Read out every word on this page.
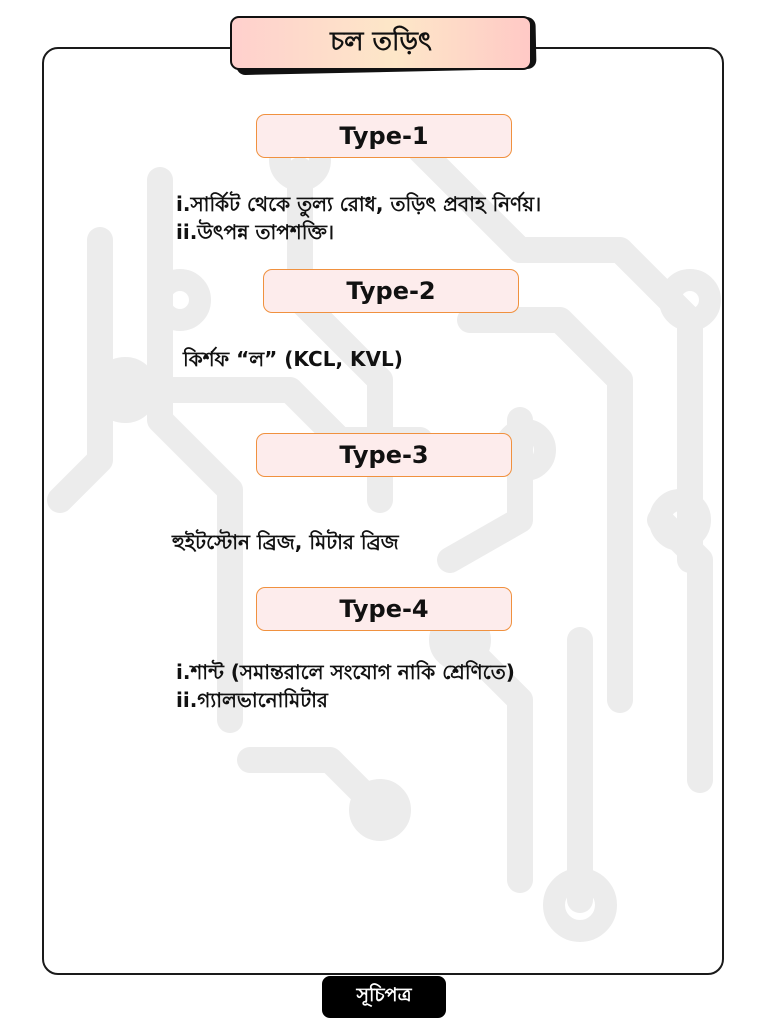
চল তড়িৎ
Type-1
i.সার্কিট থেকে তুল্য রোধ, তড়িৎ প্রবাহ নির্ণয়।
ii.উৎপন্ন তাপশক্তি।
Type-2
কির্শফ “ল” (KCL, KVL)
Type-3
হুইটস্টোন ব্রিজ, মিটার ব্রিজ
Type-4
i.শান্ট (সমান্তরালে সংযোগ নাকি শ্রেণিতে)
ii.গ্যালভানোমিটার
সূচিপত্র
